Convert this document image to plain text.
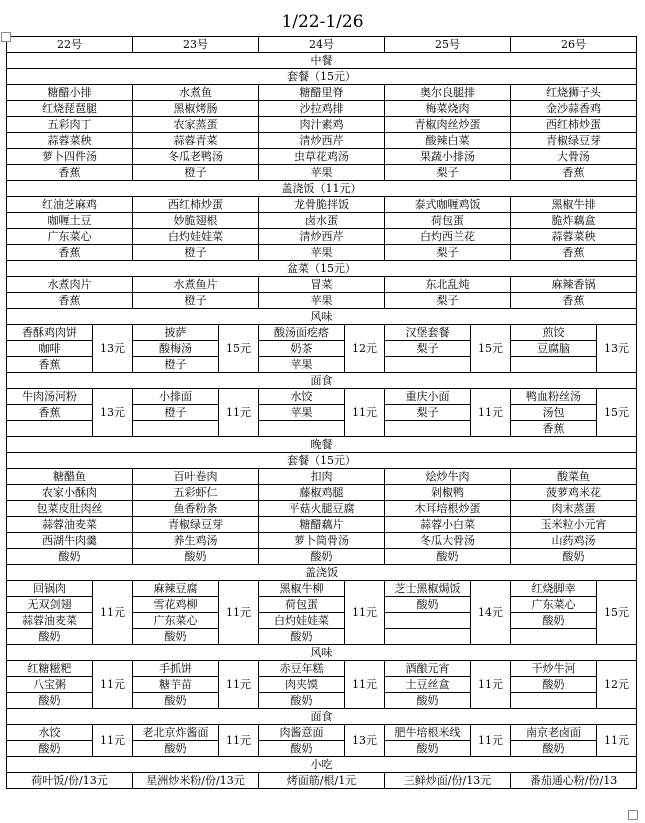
1/22-1/26
22号		23号		24号		25号		26号	
中餐									
套餐（15元）									
糖醋小排		水煮鱼		糖醋里脊		奥尔良腿排		红烧狮子头	
红烧琵琶腿		黑椒烤肠		沙拉鸡排		梅菜烧肉		金沙蒜香鸡	
五彩肉丁		农家蒸蛋		肉汁素鸡		青椒肉丝炒蛋		西红柿炒蛋	
蒜蓉菜秧		蒜蓉青菜		清炒西芹		酸辣白菜		青椒绿豆芽	
萝卜四件汤		冬瓜老鸭汤		虫草花鸡汤		果蔬小排汤		大骨汤	
香蕉		橙子		苹果		梨子		香蕉	
盖浇饭（11元）									
红油芝麻鸡		西红柿炒蛋		龙骨脆拌饭		泰式咖喱鸡饭		黑椒牛排	
咖喱土豆		妙脆翅根		卤水蛋		荷包蛋		脆炸藕盒	
广东菜心		白灼娃娃菜		清炒西芹		白灼西兰花		蒜蓉菜秧	
香蕉		橙子		苹果		梨子		香蕉	
盆菜（15元）									
水煮肉片		水煮鱼片		冒菜		东北乱炖		麻辣香锅	
香蕉		橙子		苹果		梨子		香蕉	
风味									
香酥鸡肉饼	13元	披萨	15元	酸汤面疙瘩	12元	汉堡套餐	15元	煎饺	13元
咖啡		酸梅汤		奶茶		梨子		豆腐脑	
香蕉		橙子		苹果					
面食									
牛肉汤河粉	13元	小排面	11元	水饺	11元	重庆小面	11元	鸭血粉丝汤	15元
香蕉		橙子		苹果		梨子		汤包	
								香蕉	
晚餐									
套餐（15元）									
糖醋鱼		百叶卷肉		扣肉		烩炒牛肉		酸菜鱼	
农家小酥肉		五彩虾仁		藤椒鸡腿		剁椒鸭		菠萝鸡米花	
包菜皮肚肉丝		鱼香粉条		平菇火腿豆腐		木耳培根炒蛋		肉末蒸蛋	
蒜蓉油麦菜		青椒绿豆芽		糖醋藕片		蒜蓉小白菜		玉米粒小元宵	
西湖牛肉羹		养生鸡汤		萝卜筒骨汤		冬瓜大骨汤		山药鸡汤	
酸奶		酸奶		酸奶		酸奶		酸奶	
盖浇饭									
回锅肉	11元	麻辣豆腐	11元	黑椒牛柳	11元	芝士黑椒焗饭	14元	红烧脚幸	15元
无双剑翅		雪花鸡柳		荷包蛋		酸奶		广东菜心	
蒜蓉油麦菜		广东菜心		白灼娃娃菜				酸奶	
酸奶		酸奶		酸奶					
风味									
红糖糍粑	11元	手抓饼	11元	赤豆年糕	11元	酒酿元宵	11元	干炒牛河	12元
八宝粥		糖芋苗		肉夹馍		土豆丝盒		酸奶	
酸奶		酸奶		酸奶		酸奶			
面食									
水饺	11元	老北京炸酱面	11元	肉酱意面	13元	肥牛培根米线	11元	南京老卤面	11元
酸奶		酸奶		酸奶		酸奶		酸奶	
小吃									
荷叶饭/份/13元		星洲炒米粉/份/13元		烤面筋/根/1元		三鲜炒面/份/13元		番茄通心粉/份/13	
